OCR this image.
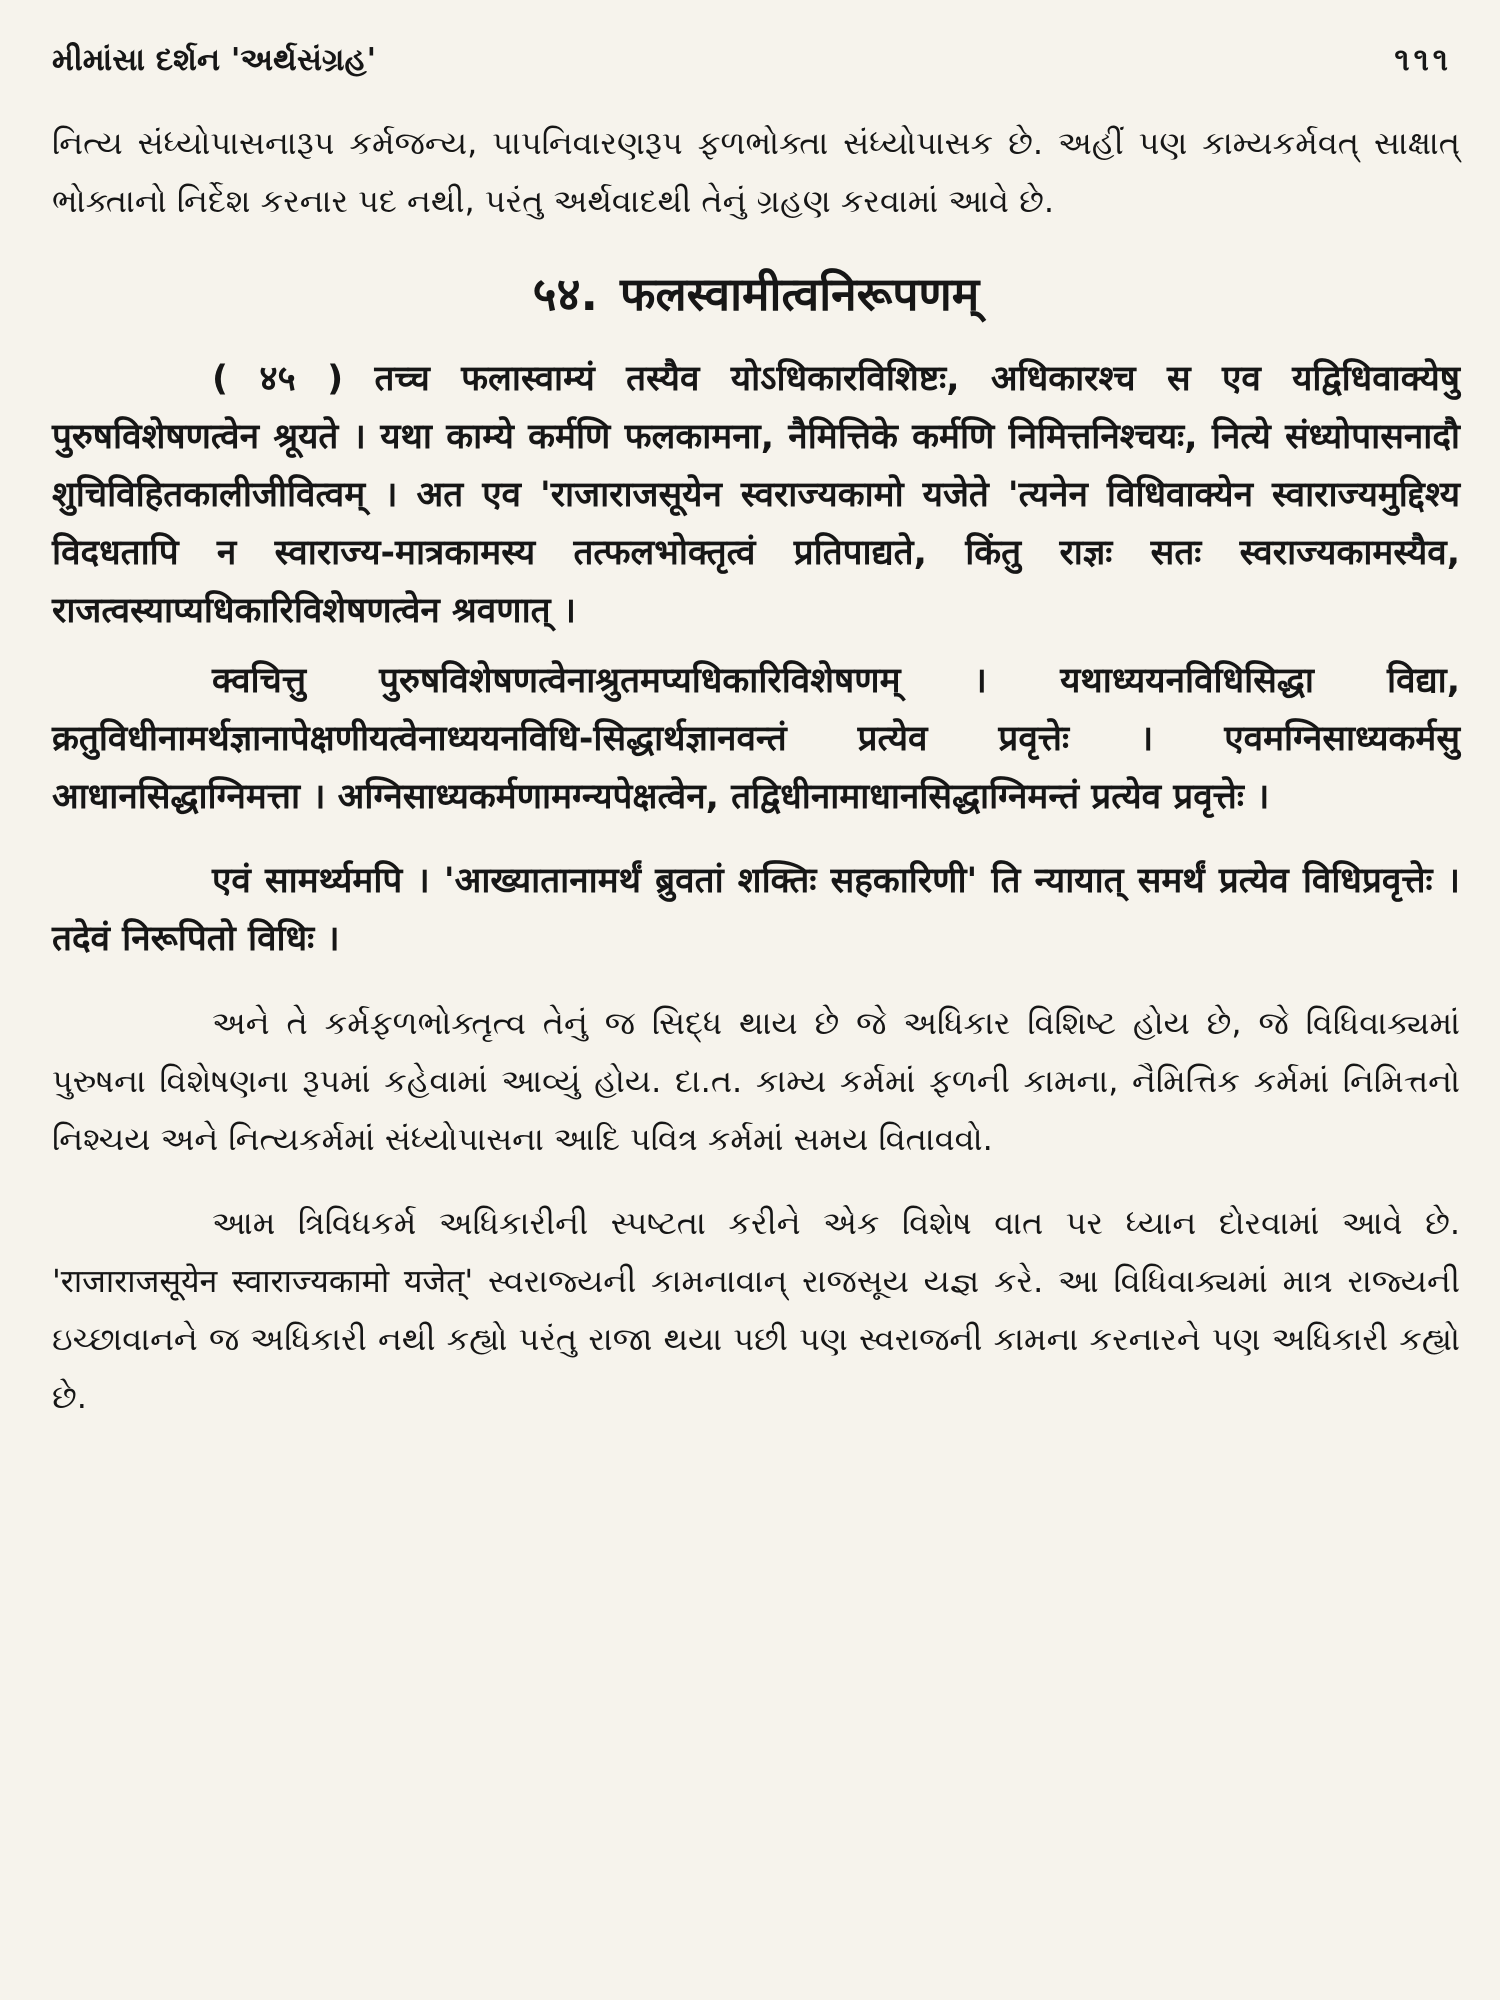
મીમાંસા દર્શન 'અર્થસંગ્રહ'	૧૧૧

નિત્ય સંધ્યોપાસનારૂપ કર્મજન્ય, પાપનિવારણરૂપ ફળભોક્તા સંધ્યોપાસક છે. અહીં પણ કામ્યકર્મવત્ સાક્ષાત્ ભોક્તાનો નિર્દેશ કરનાર પદ નથી, પરંતુ અર્થવાદથી તેનું ગ્રહણ કરવામાં આવે છે.

५४. फलस्वामीत्वनिरूपणम्

( ४५ ) तच्च फलास्वाम्यं तस्यैव योऽधिकारविशिष्टः, अधिकारश्च स एव यद्विधिवाक्येषु पुरुषविशेषणत्वेन श्रूयते । यथा काम्ये कर्मणि फलकामना, नैमित्तिके कर्मणि निमित्तनिश्चयः, नित्ये संध्योपासनादौ शुचिविहितकालीजीवित्वम् । अत एव 'राजाराजसूयेन स्वराज्यकामो यजेते 'त्यनेन विधिवाक्येन स्वाराज्यमुद्दिश्य विदधतापि न स्वाराज्य-मात्रकामस्य तत्फलभोक्तृत्वं प्रतिपाद्यते, किंतु राज्ञः सतः स्वराज्यकामस्यैव, राजत्वस्याप्यधिकारिविशेषणत्वेन श्रवणात् ।

क्वचित्तु पुरुषविशेषणत्वेनाश्रुतमप्यधिकारिविशेषणम् । यथाध्ययनविधिसिद्धा विद्या, क्रतुविधीनामर्थज्ञानापेक्षणीयत्वेनाध्ययनविधि-सिद्धार्थज्ञानवन्तं प्रत्येव प्रवृत्तेः । एवमग्निसाध्यकर्मसु आधानसिद्धाग्निमत्ता । अग्निसाध्यकर्मणामग्न्यपेक्षत्वेन, तद्विधीनामाधानसिद्धाग्निमन्तं प्रत्येव प्रवृत्तेः ।

एवं सामर्थ्यमपि । 'आख्यातानामर्थं ब्रुवतां शक्तिः सहकारिणी' ति न्यायात् समर्थं प्रत्येव विधिप्रवृत्तेः । तदेवं निरूपितो विधिः ।

અને તે કર્મફળભોક્તૃત્વ તેનું જ સિદ્ધ થાય છે જે અધિકાર વિશિષ્ટ હોય છે, જે વિધિવાક્યમાં પુરુષના વિશેષણના રૂપમાં કહેવામાં આવ્યું હોય. દા.ત. કામ્ય કર્મમાં ફળની કામના, નૈમિત્તિક કર્મમાં નિમિત્તનો નિશ્ચય અને નિત્યકર્મમાં સંધ્યોપાસના આદિ પવિત્ર કર્મમાં સમય વિતાવવો.

આમ ત્રિવિધકર્મ અધિકારીની સ્પષ્ટતા કરીને એક વિશેષ વાત પર ધ્યાન દોરવામાં આવે છે. 'राजाराजसूयेन स्वाराज्यकामो यजेत्' સ્વરાજ્યની કામનાવાન્ રાજસૂય યજ્ઞ કરે. આ વિધિવાક્યમાં માત્ર રાજ્યની ઇચ્છાવાનને જ અધિકારી નથી કહ્યો પરંતુ રાજા થયા પછી પણ સ્વરાજની કામના કરનારને પણ અધિકારી કહ્યો છે.
